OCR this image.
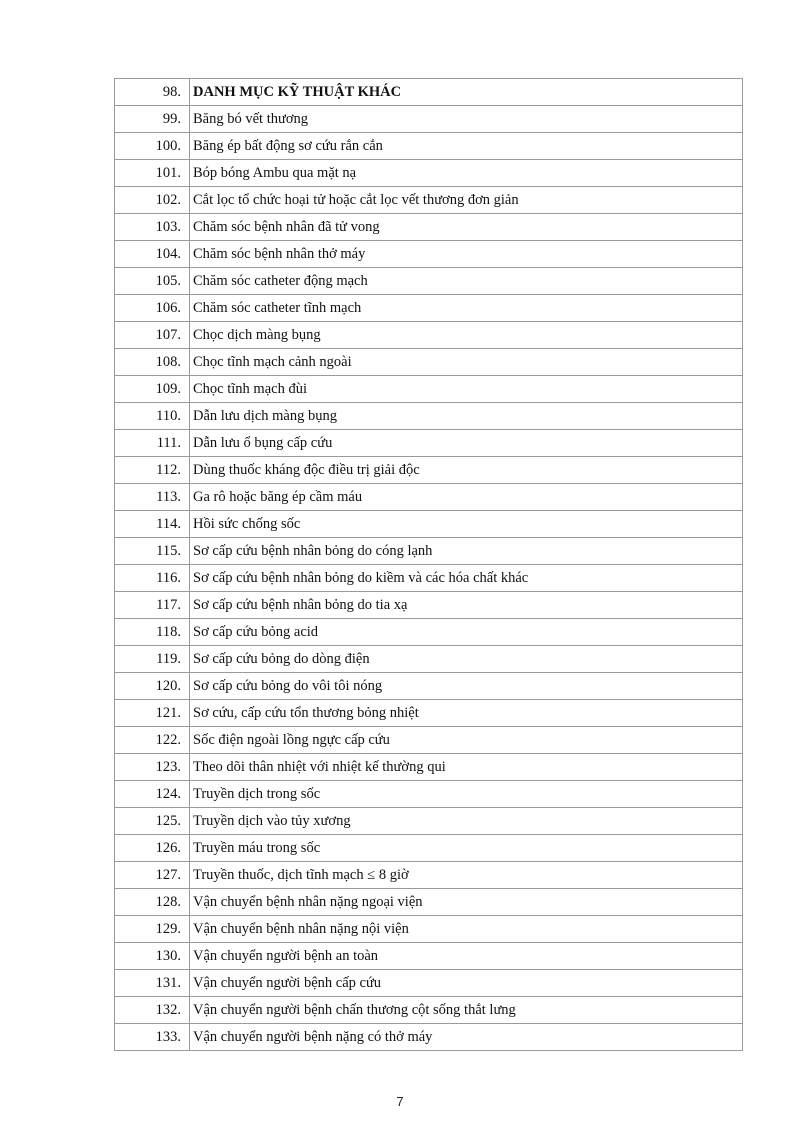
98.	DANH MỤC KỸ THUẬT KHÁC
99.	Băng bó vết thương
100.	Băng ép bất động sơ cứu rắn cắn
101.	Bóp bóng Ambu qua mặt nạ
102.	Cắt lọc tổ chức hoại tử hoặc cắt lọc vết thương đơn giản
103.	Chăm sóc bệnh nhân đã tử vong
104.	Chăm sóc bệnh nhân thở máy
105.	Chăm sóc catheter động mạch
106.	Chăm sóc catheter tĩnh mạch
107.	Chọc dịch màng bụng
108.	Chọc tĩnh mạch cảnh ngoài
109.	Chọc tĩnh mạch đùi
110.	Dẫn lưu dịch màng bụng
111.	Dẫn lưu ổ bụng cấp cứu
112.	Dùng thuốc kháng độc điều trị giải độc
113.	Ga rô hoặc băng ép cầm máu
114.	Hồi sức chống sốc
115.	Sơ cấp cứu bệnh nhân bỏng do cóng lạnh
116.	Sơ cấp cứu bệnh nhân bỏng do kiềm và các hóa chất khác
117.	Sơ cấp cứu bệnh nhân bỏng do tia xạ
118.	Sơ cấp cứu bỏng acid
119.	Sơ cấp cứu bỏng do dòng điện
120.	Sơ cấp cứu bỏng do vôi tôi nóng
121.	Sơ cứu, cấp cứu tổn thương bỏng nhiệt
122.	Sốc điện ngoài lồng ngực cấp cứu
123.	Theo dõi thân nhiệt với nhiệt kế thường qui
124.	Truyền dịch trong sốc
125.	Truyền dịch vào tủy xương
126.	Truyền máu trong sốc
127.	Truyền thuốc, dịch tĩnh mạch ≤ 8 giờ
128.	Vận chuyển bệnh nhân nặng ngoại viện
129.	Vận chuyển bệnh nhân nặng nội viện
130.	Vận chuyển người bệnh an toàn
131.	Vận chuyển người bệnh cấp cứu
132.	Vận chuyển người bệnh chấn thương cột sống thắt lưng
133.	Vận chuyển người bệnh nặng có thở máy
7
